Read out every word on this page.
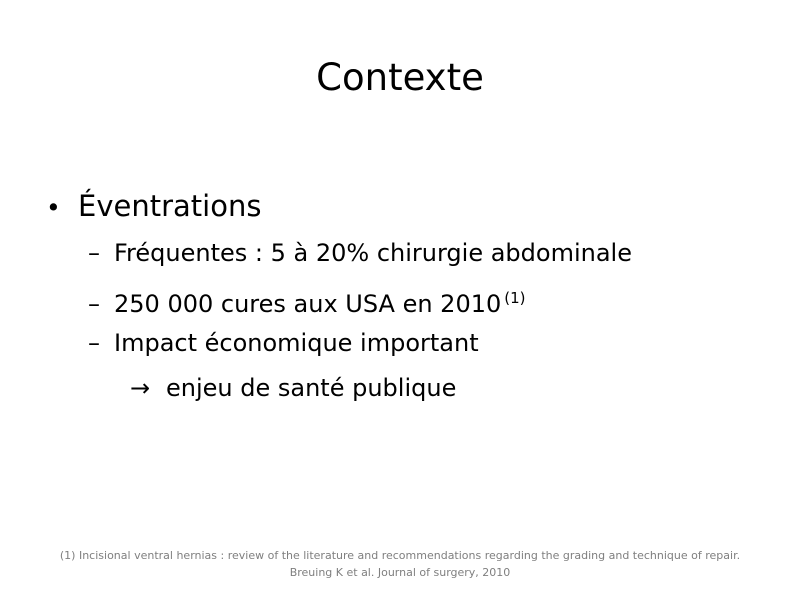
Contexte
• Éventrations
– Fréquentes : 5 à 20% chirurgie abdominale
– 250 000 cures aux USA en 2010 $^{(1)}$
– Impact économique important
→ enjeu de santé publique
(1) Incisional ventral hernias : review of the literature and recommendations regarding the grading and technique of repair.
Breuing K et al. Journal of surgery, 2010
